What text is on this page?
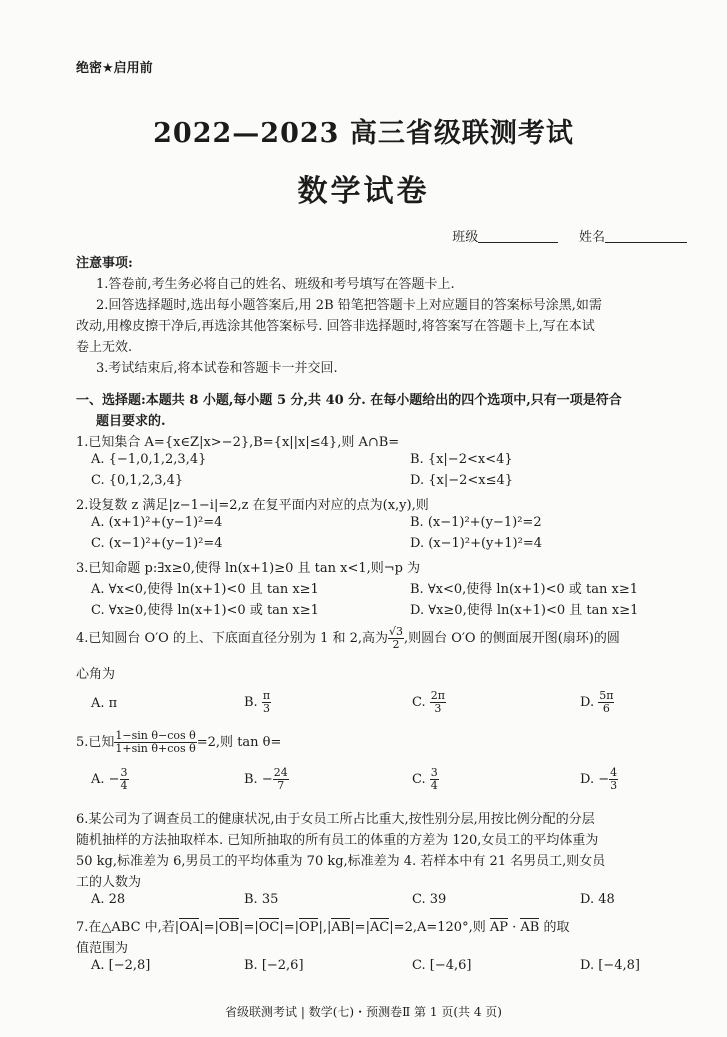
绝密★启用前
2022—2023 高三省级联测考试
数学试卷
班级	姓名
注意事项:
1.答卷前,考生务必将自己的姓名、班级和考号填写在答题卡上.
2.回答选择题时,选出每小题答案后,用 2B 铅笔把答题卡上对应题目的答案标号涂黑,如需
改动,用橡皮擦干净后,再选涂其他答案标号. 回答非选择题时,将答案写在答题卡上,写在本试
卷上无效.
3.考试结束后,将本试卷和答题卡一并交回.
一、选择题:本题共 8 小题,每小题 5 分,共 40 分. 在每小题给出的四个选项中,只有一项是符合
题目要求的.
1.已知集合 A={x∈Z|x>−2},B={x||x|≤4},则 A∩B=
A. {−1,0,1,2,3,4}	B. {x|−2<x<4}
C. {0,1,2,3,4}	D. {x|−2<x≤4}
2.设复数 z 满足|z−1−i|=2,z 在复平面内对应的点为(x,y),则
A. (x+1)²+(y−1)²=4	B. (x−1)²+(y−1)²=2
C. (x−1)²+(y−1)²=4	D. (x−1)²+(y+1)²=4
3.已知命题 p:∃x≥0,使得 ln(x+1)≥0 且 tan x<1,则¬p 为
A. ∀x<0,使得 ln(x+1)<0 且 tan x≥1	B. ∀x<0,使得 ln(x+1)<0 或 tan x≥1
C. ∀x≥0,使得 ln(x+1)<0 或 tan x≥1	D. ∀x≥0,使得 ln(x+1)<0 且 tan x≥1
4.已知圆台 O′O 的上、下底面直径分别为 1 和 2,高为 $\frac{√3}{2}$ ,则圆台 O′O 的侧面展开图(扇环)的圆
心角为
A. π	B. $\frac{\pi}{3}$	C. $\frac{2\pi}{3}$	D. $\frac{5\pi}{6}$
5.已知 $\frac{\text{1−sin θ−cos θ}}{\text{1+sin θ+cos θ}} =2$,则 tan θ=
A. − $\frac{3}{4}$	B. − $\frac{24}{7}$	C. $\frac{3}{4}$	D. − $\frac{4}{3}$
6.某公司为了调查员工的健康状况,由于女员工所占比重大,按性别分层,用按比例分配的分层
随机抽样的方法抽取样本. 已知所抽取的所有员工的体重的方差为 120,女员工的平均体重为
50 kg,标准差为 6,男员工的平均体重为 70 kg,标准差为 4. 若样本中有 21 名男员工,则女员
工的人数为
A. 28	B. 35	C. 39	D. 48
7.在△ABC 中,若|OA|=|OB|=|OC|=|OP|,|AB|=|AC|=2,A=120°,则 AP · AB 的取
值范围为
A. [−2,8]	B. [−2,6]	C. [−4,6]	D. [−4,8]
省级联测考试 | 数学(七)・预测卷Ⅱ 第 1 页(共 4 页)
